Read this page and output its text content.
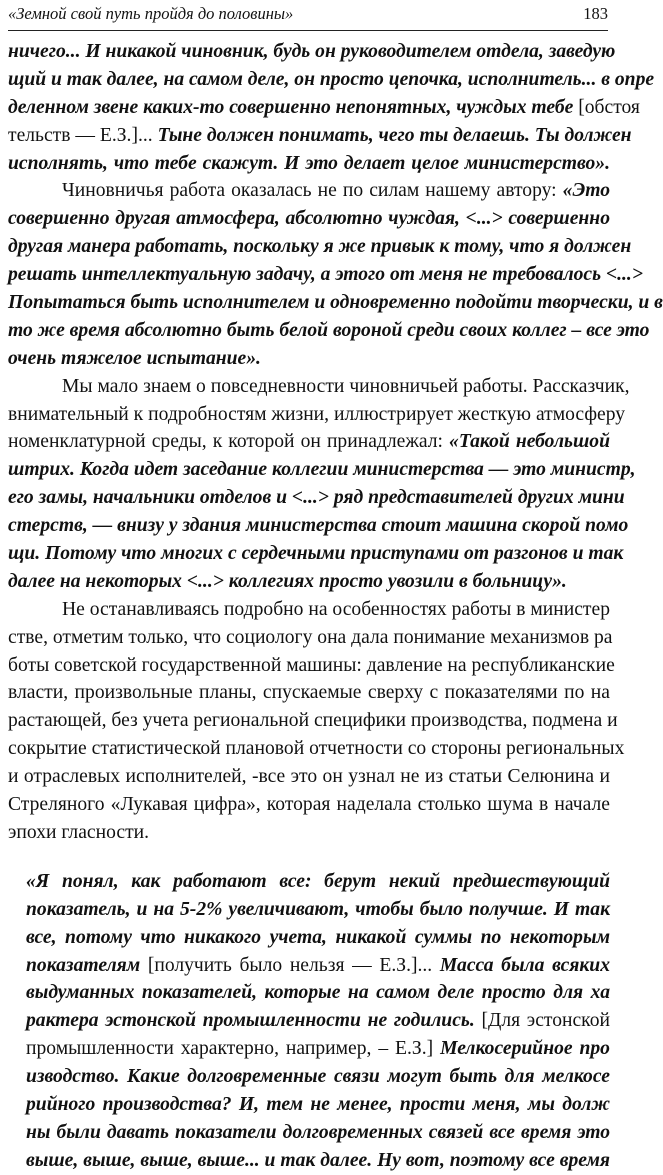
«Земной свой путь пройдя до половины»	183
ничего... И никакой чиновник, будь он руководителем отдела, заведую
щий и так далее, на самом деле, он просто цепочка, исполнитель... в опре
деленном звене каких-то совершенно непонятных, чуждых тебе [обстоя
тельств — Е.З.]... Тыне должен понимать, чего ты делаешь. Ты должен
исполнять, что тебе скажут. И это делает целое министерство».
Чиновничья работа оказалась не по силам нашему автору: «Это
совершенно другая атмосфера, абсолютно чуждая, <...> совершенно
другая манера работать, поскольку я же привык к тому, что я должен
решать интеллектуальную задачу, а этого от меня не требовалось <...>
Попытаться быть исполнителем и одновременно подойти творчески, и в
то же время абсолютно быть белой вороной среди своих коллег – все это
очень тяжелое испытание».
Мы мало знаем о повседневности чиновничьей работы. Рассказчик,
внимательный к подробностям жизни, иллюстрирует жесткую атмосферу
номенклатурной среды, к которой он принадлежал: «Такой небольшой
штрих. Когда идет заседание коллегии министерства — это министр,
его замы, начальники отделов и <...> ряд представителей других мини
стерств, — внизу у здания министерства стоит машина скорой помо
щи. Потому что многих с сердечными приступами от разгонов и так
далее на некоторых <...> коллегиях просто увозили в больницу».
Не останавливаясь подробно на особенностях работы в министер
стве, отметим только, что социологу она дала понимание механизмов ра
боты советской государственной машины: давление на республиканские
власти, произвольные планы, спускаемые сверху с показателями по на
растающей, без учета региональной специфики производства, подмена и
сокрытие статистической плановой отчетности со стороны региональных
и отраслевых исполнителей, -все это он узнал не из статьи Селюнина и
Стреляного «Лукавая цифра», которая наделала столько шума в начале
эпохи гласности.
«Я понял, как работают все: берут некий предшествующий
показатель, и на 5-2% увеличивают, чтобы было получше. И так
все, потому что никакого учета, никакой суммы по некоторым
показателям [получить было нельзя — Е.З.]... Масса была всяких
выдуманных показателей, которые на самом деле просто для ха
рактера эстонской промышленности не годились. [Для эстонской
промышленности характерно, например, – Е.З.] Мелкосерийное про
изводство. Какие долговременные связи могут быть для мелкосе
рийного производства? И, тем не менее, прости меня, мы долж
ны были давать показатели долговременных связей все время это
выше, выше, выше, выше... и так далее. Ну вот, поэтому все время
